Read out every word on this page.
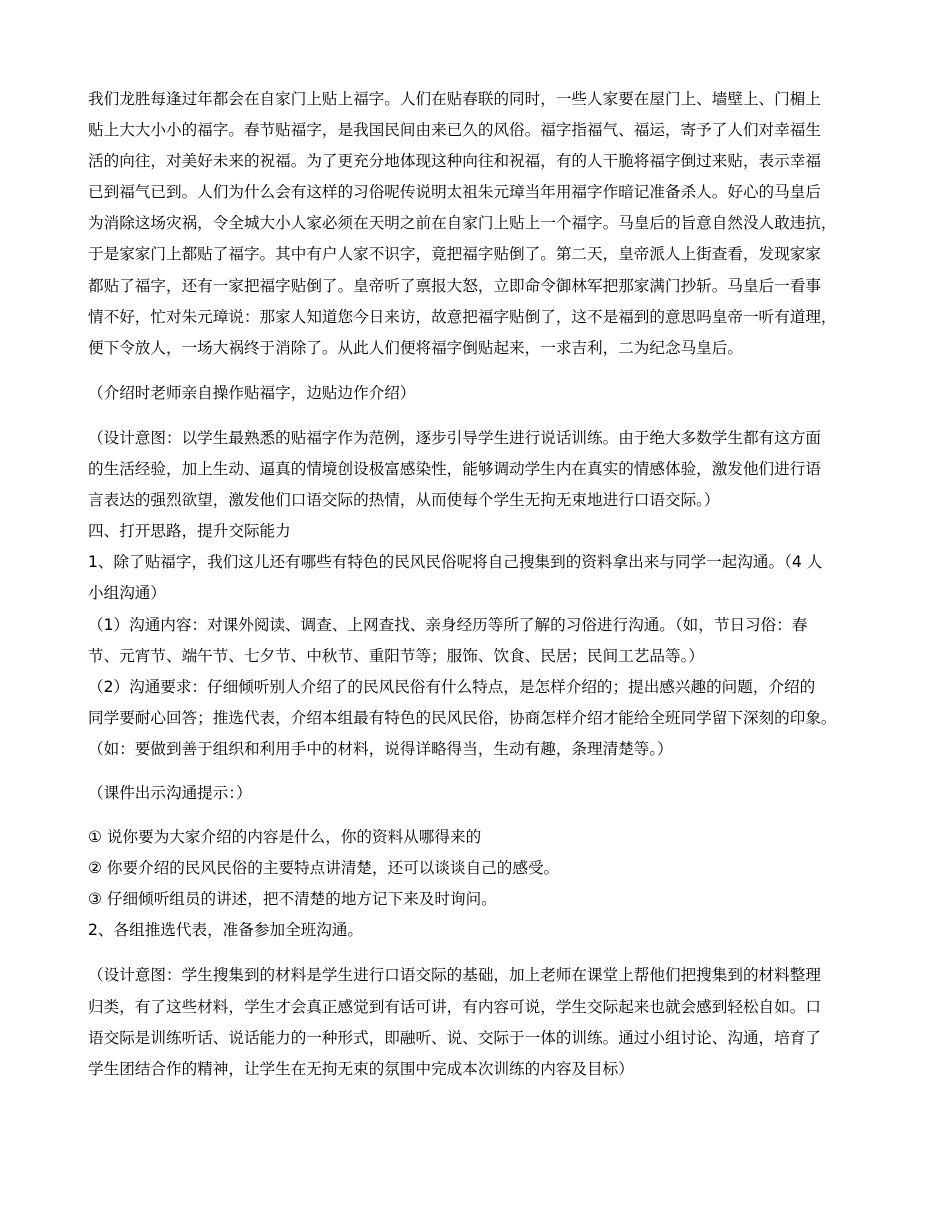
我们龙胜每逢过年都会在自家门上贴上福字。人们在贴春联的同时，一些人家要在屋门上、墙壁上、门楣上
贴上大大小小的福字。春节贴福字，是我国民间由来已久的风俗。福字指福气、福运，寄予了人们对幸福生
活的向往，对美好未来的祝福。为了更充分地体现这种向往和祝福，有的人干脆将福字倒过来贴，表示幸福
已到福气已到。人们为什么会有这样的习俗呢传说明太祖朱元璋当年用福字作暗记准备杀人。好心的马皇后
为消除这场灾祸，令全城大小人家必须在天明之前在自家门上贴上一个福字。马皇后的旨意自然没人敢违抗，
于是家家门上都贴了福字。其中有户人家不识字，竟把福字贴倒了。第二天，皇帝派人上街查看，发现家家
都贴了福字，还有一家把福字贴倒了。皇帝听了禀报大怒，立即命令御林军把那家满门抄斩。马皇后一看事
情不好，忙对朱元璋说：那家人知道您今日来访，故意把福字贴倒了，这不是福到的意思吗皇帝一听有道理，
便下令放人，一场大祸终于消除了。从此人们便将福字倒贴起来，一求吉利，二为纪念马皇后。
（介绍时老师亲自操作贴福字，边贴边作介绍）
（设计意图：以学生最熟悉的贴福字作为范例，逐步引导学生进行说话训练。由于绝大多数学生都有这方面
的生活经验，加上生动、逼真的情境创设极富感染性，能够调动学生内在真实的情感体验，激发他们进行语
言表达的强烈欲望，激发他们口语交际的热情，从而使每个学生无拘无束地进行口语交际。）
四、打开思路，提升交际能力
1、除了贴福字，我们这儿还有哪些有特色的民风民俗呢将自己搜集到的资料拿出来与同学一起沟通。（4 人
小组沟通）
（1）沟通内容：对课外阅读、调查、上网查找、亲身经历等所了解的习俗进行沟通。（如，节日习俗：春
节、元宵节、端午节、七夕节、中秋节、重阳节等；服饰、饮食、民居；民间工艺品等。）
（2）沟通要求：仔细倾听别人介绍了的民风民俗有什么特点，是怎样介绍的；提出感兴趣的问题，介绍的
同学要耐心回答；推选代表，介绍本组最有特色的民风民俗，协商怎样介绍才能给全班同学留下深刻的印象。
（如：要做到善于组织和利用手中的材料，说得详略得当，生动有趣，条理清楚等。）
（课件出示沟通提示：）
① 说你要为大家介绍的内容是什么，你的资料从哪得来的
② 你要介绍的民风民俗的主要特点讲清楚，还可以谈谈自己的感受。
③ 仔细倾听组员的讲述，把不清楚的地方记下来及时询问。
2、各组推选代表，准备参加全班沟通。
（设计意图：学生搜集到的材料是学生进行口语交际的基础，加上老师在课堂上帮他们把搜集到的材料整理
归类，有了这些材料，学生才会真正感觉到有话可讲，有内容可说，学生交际起来也就会感到轻松自如。口
语交际是训练听话、说话能力的一种形式，即融听、说、交际于一体的训练。通过小组讨论、沟通，培育了
学生团结合作的精神，让学生在无拘无束的氛围中完成本次训练的内容及目标）
